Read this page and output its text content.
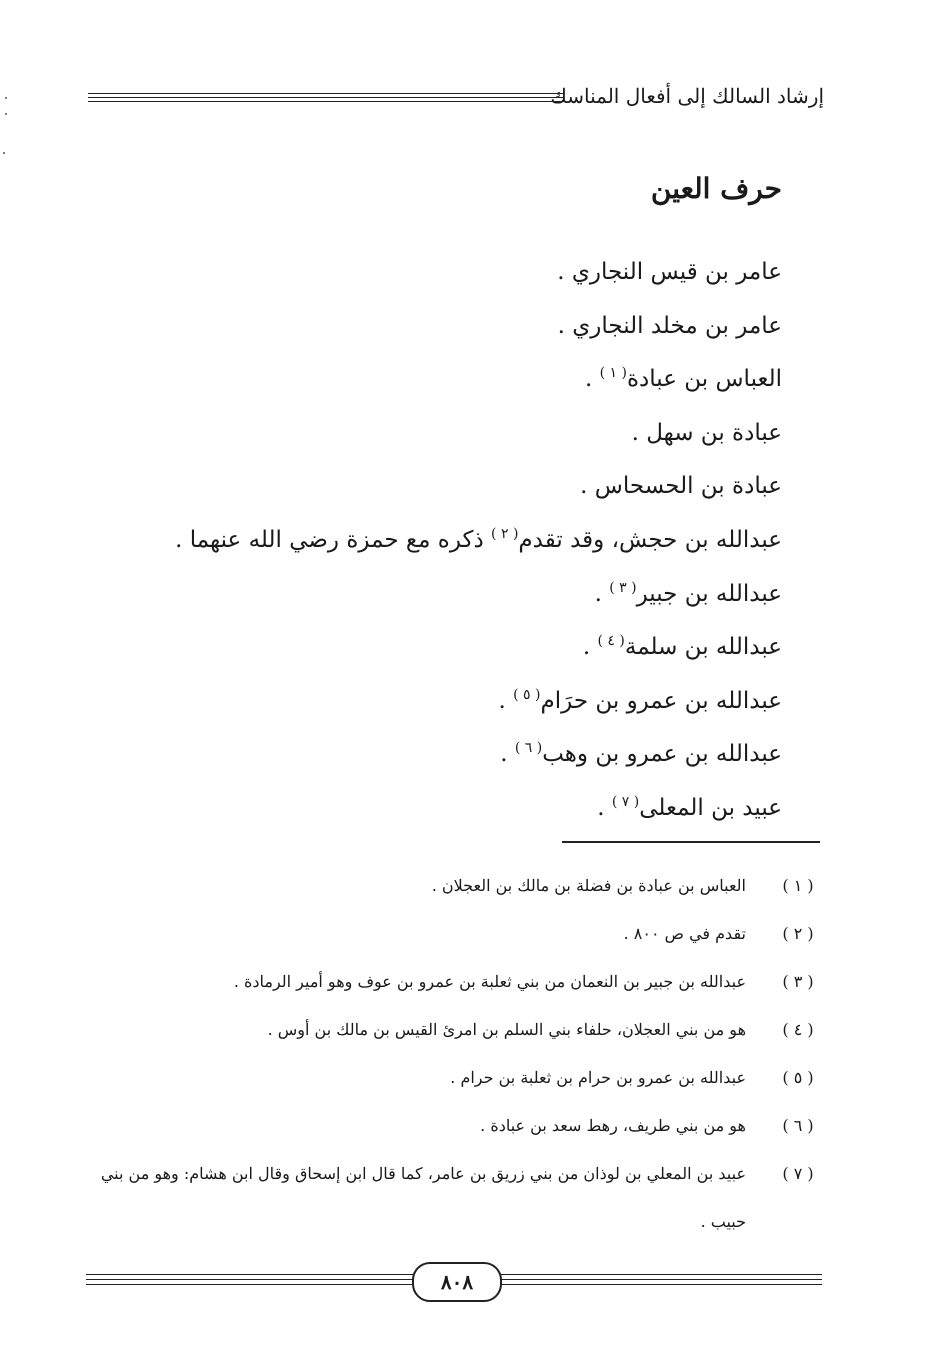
إرشاد السالك إلى أفعال المناسك
حرف العين
عامر بن قيس النجاري .
عامر بن مخلد النجاري .
العباس بن عبادة$^{( ١ )}$ .
عبادة بن سهل .
عبادة بن الحسحاس .
عبدالله بن حجش، وقد تقدم$^{( ٢ )}$ ذكره مع حمزة رضي الله عنهما .
عبدالله بن جبير$^{( ٣ )}$ .
عبدالله بن سلمة$^{( ٤ )}$ .
عبدالله بن عمرو بن حرَام$^{( ٥ )}$ .
عبدالله بن عمرو بن وهب$^{( ٦ )}$ .
عبيد بن المعلى$^{( ٧ )}$ .
( ١ )
العباس بن عبادة بن فضلة بن مالك بن العجلان .
( ٢ )
تقدم في ص ٨٠٠ .
( ٣ )
عبدالله بن جبير بن النعمان من بني ثعلبة بن عمرو بن عوف وهو أمير الرمادة .
( ٤ )
هو من بني العجلان، حلفاء بني السلم بن امرئ القيس بن مالك بن أوس .
( ٥ )
عبدالله بن عمرو بن حرام بن ثعلبة بن حرام .
( ٦ )
هو من بني طريف، رهط سعد بن عبادة .
( ٧ )
عبيد بن المعلي بن لوذان من بني زريق بن عامر، كما قال ابن إسحاق وقال ابن هشام: وهو من بني حبيب .
٨٠٨
